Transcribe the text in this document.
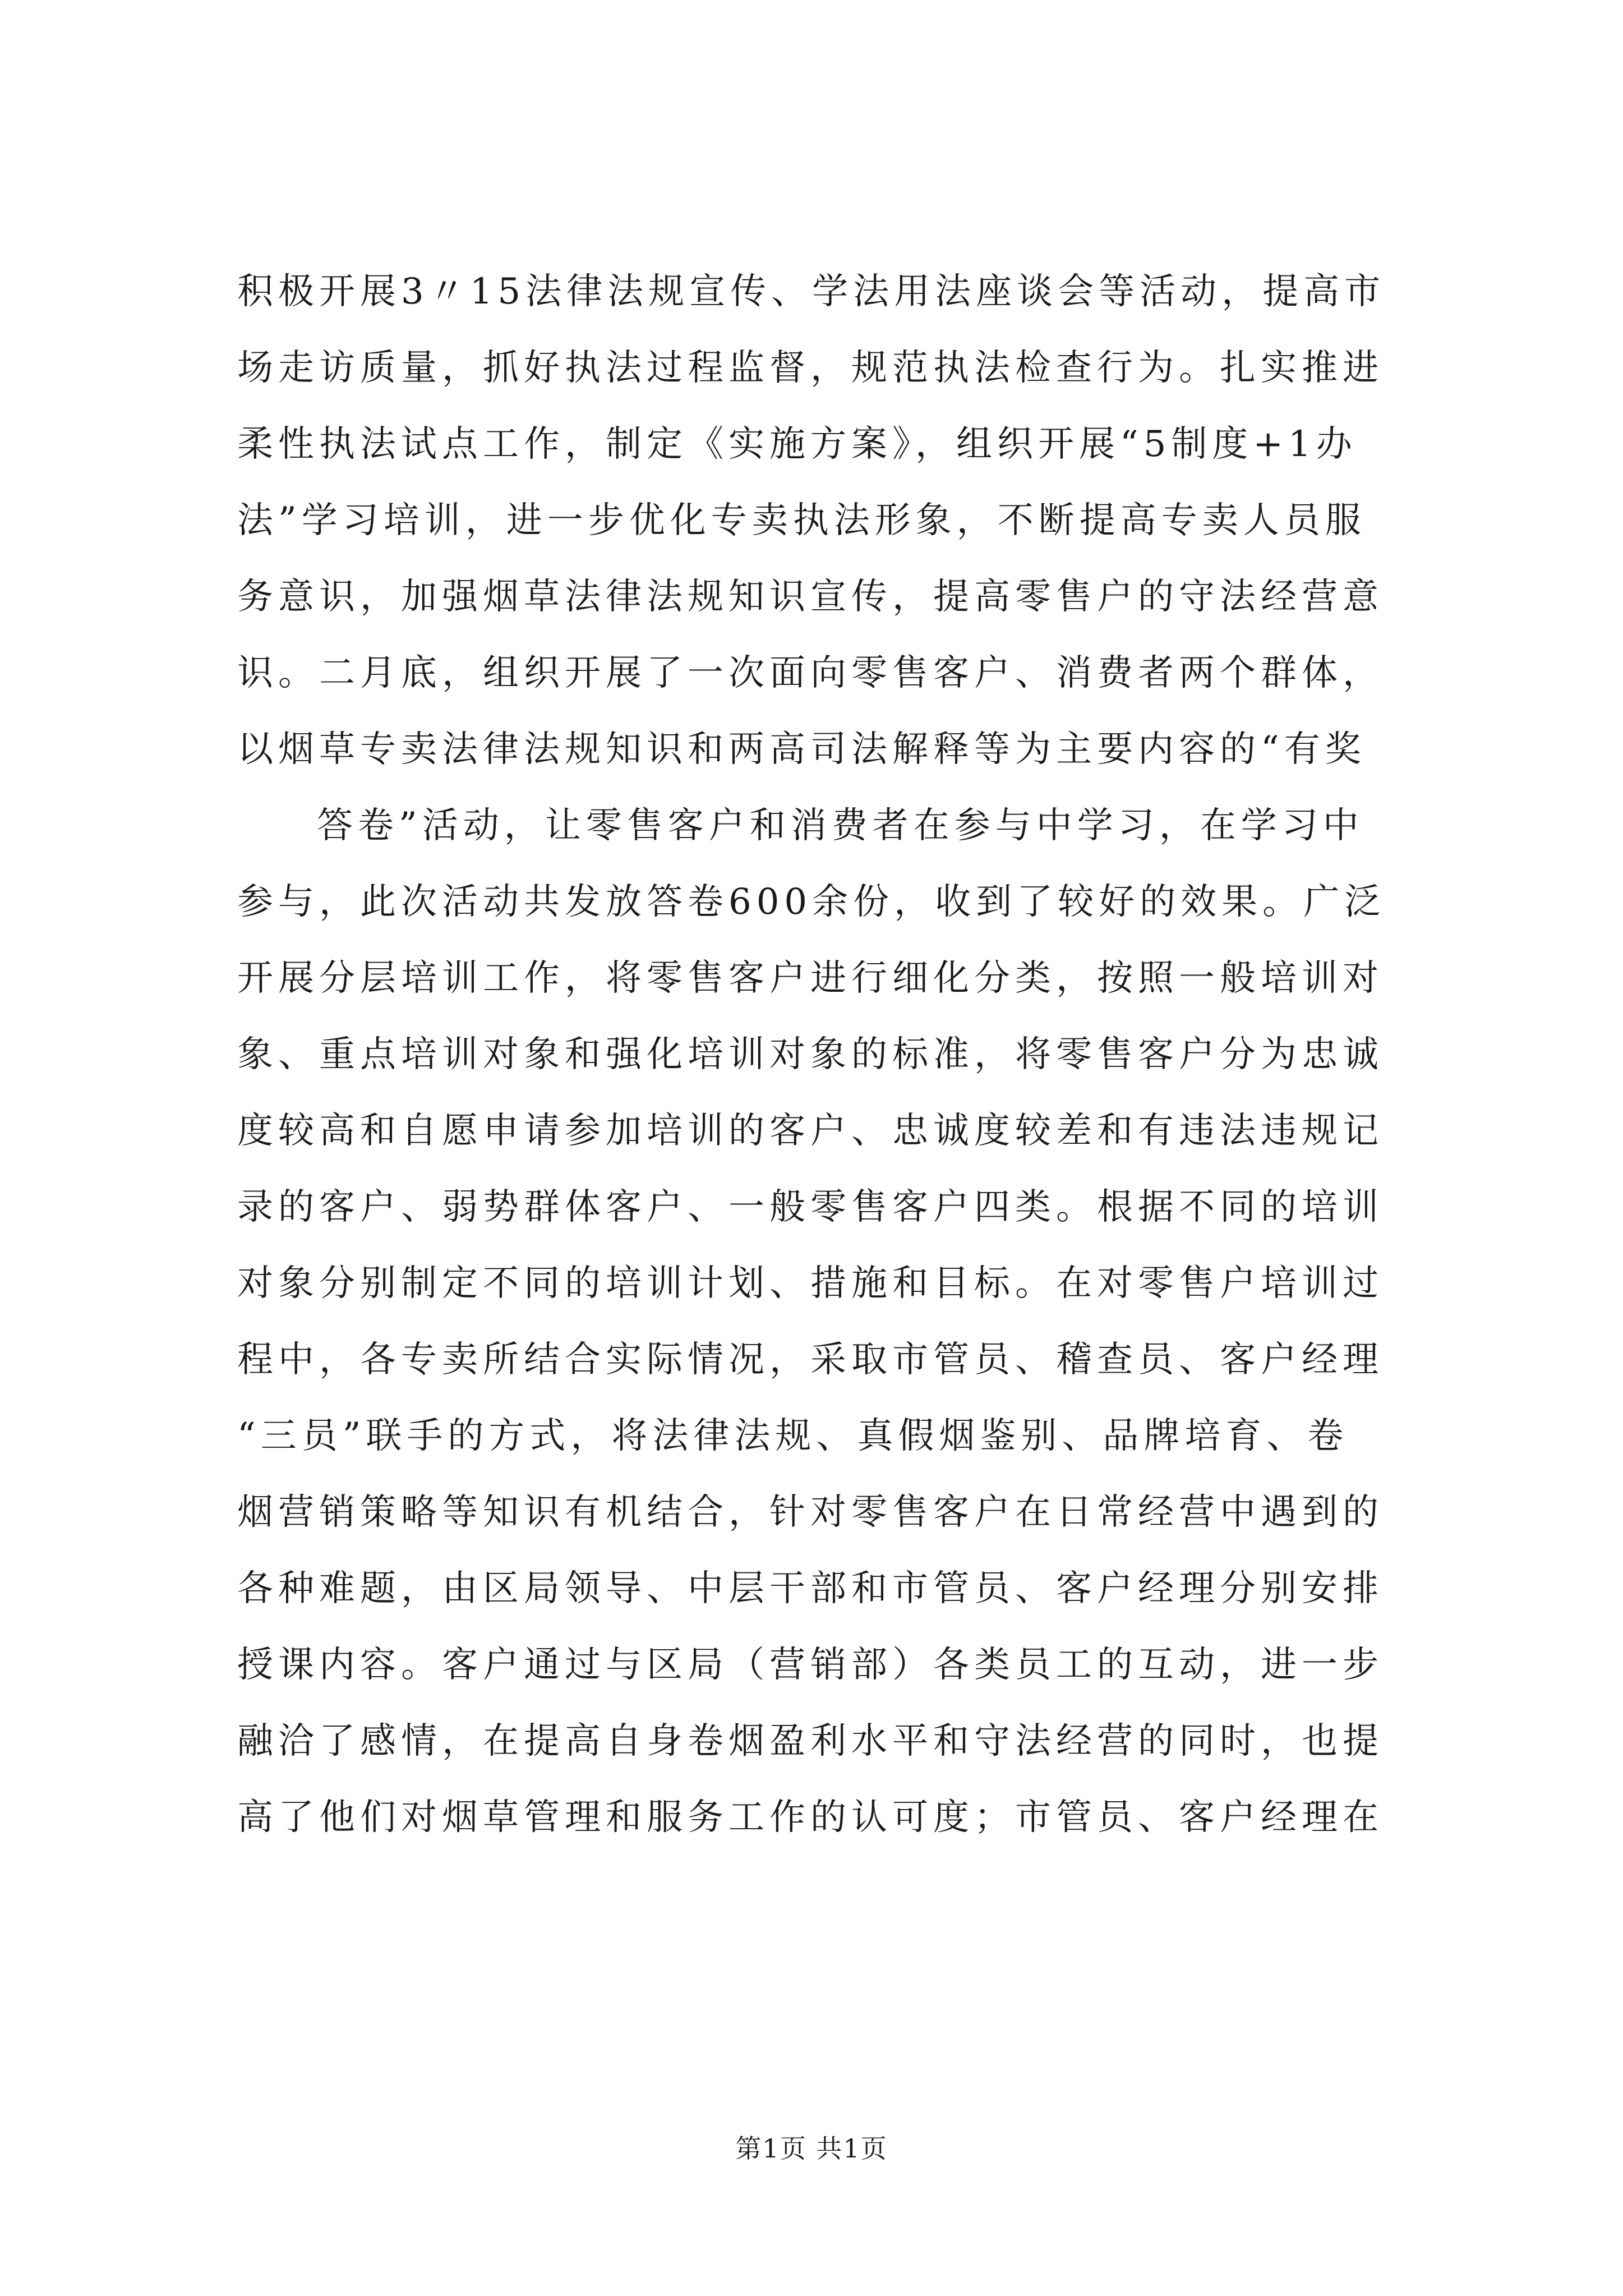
积极开展3〃15法律法规宣传、学法用法座谈会等活动，提高市
场走访质量，抓好执法过程监督，规范执法检查行为。扎实推进
柔性执法试点工作，制定《实施方案》，组织开展“5制度+1办
法”学习培训，进一步优化专卖执法形象，不断提高专卖人员服
务意识，加强烟草法律法规知识宣传，提高零售户的守法经营意
识。二月底，组织开展了一次面向零售客户、消费者两个群体，
以烟草专卖法律法规知识和两高司法解释等为主要内容的“有奖
答卷”活动，让零售客户和消费者在参与中学习，在学习中
参与，此次活动共发放答卷600余份，收到了较好的效果。广泛
开展分层培训工作，将零售客户进行细化分类，按照一般培训对
象、重点培训对象和强化培训对象的标准，将零售客户分为忠诚
度较高和自愿申请参加培训的客户、忠诚度较差和有违法违规记
录的客户、弱势群体客户、一般零售客户四类。根据不同的培训
对象分别制定不同的培训计划、措施和目标。在对零售户培训过
程中，各专卖所结合实际情况，采取市管员、稽查员、客户经理
“三员”联手的方式，将法律法规、真假烟鉴别、品牌培育、卷
烟营销策略等知识有机结合，针对零售客户在日常经营中遇到的
各种难题，由区局领导、中层干部和市管员、客户经理分别安排
授课内容。客户通过与区局（营销部）各类员工的互动，进一步
融洽了感情，在提高自身卷烟盈利水平和守法经营的同时，也提
高了他们对烟草管理和服务工作的认可度；市管员、客户经理在
第1页 共1页
